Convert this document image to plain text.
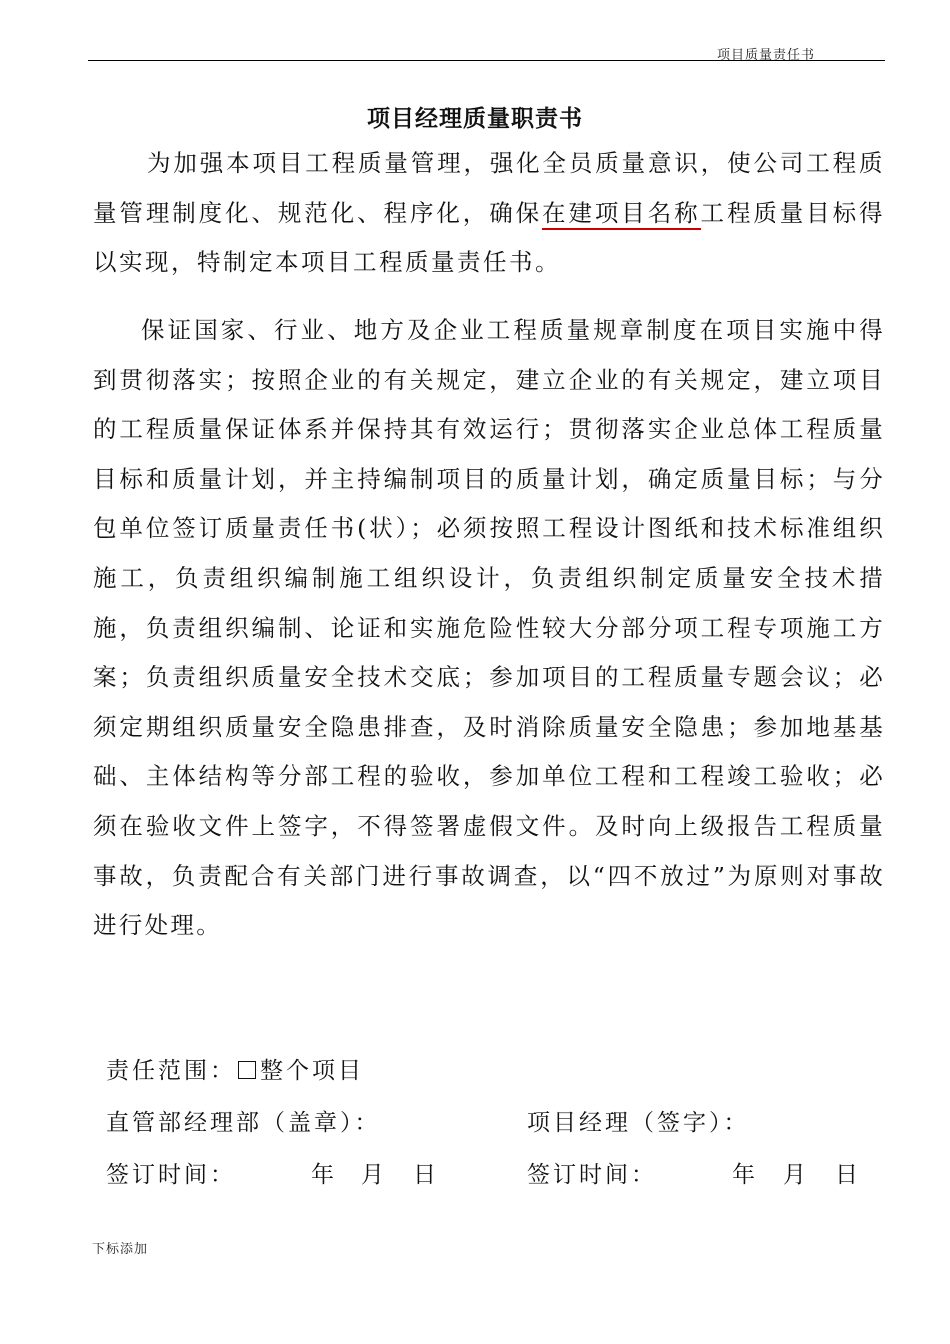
项目质量责任书
项目经理质量职责书

为加强本项目工程质量管理，强化全员质量意识，使公司工程质量管理制度化、规范化、程序化，确保在建项目名称工程质量目标得以实现，特制定本项目工程质量责任书。

保证国家、行业、地方及企业工程质量规章制度在项目实施中得到贯彻落实；按照企业的有关规定，建立企业的有关规定，建立项目的工程质量保证体系并保持其有效运行；贯彻落实企业总体工程质量目标和质量计划，并主持编制项目的质量计划，确定质量目标；与分包单位签订质量责任书(状）；必须按照工程设计图纸和技术标准组织施工，负责组织编制施工组织设计，负责组织制定质量安全技术措施，负责组织编制、论证和实施危险性较大分部分项工程专项施工方案；负责组织质量安全技术交底；参加项目的工程质量专题会议；必须定期组织质量安全隐患排查，及时消除质量安全隐患；参加地基基础、主体结构等分部工程的验收，参加单位工程和工程竣工验收；必须在验收文件上签字，不得签署虚假文件。及时向上级报告工程质量事故，负责配合有关部门进行事故调查，以“四不放过”为原则对事故进行处理。

责任范围： 整个项目
直管部经理部（盖章）：	项目经理（签字）：
签订时间：	年 月 日	签订时间：	年 月 日
下标添加
